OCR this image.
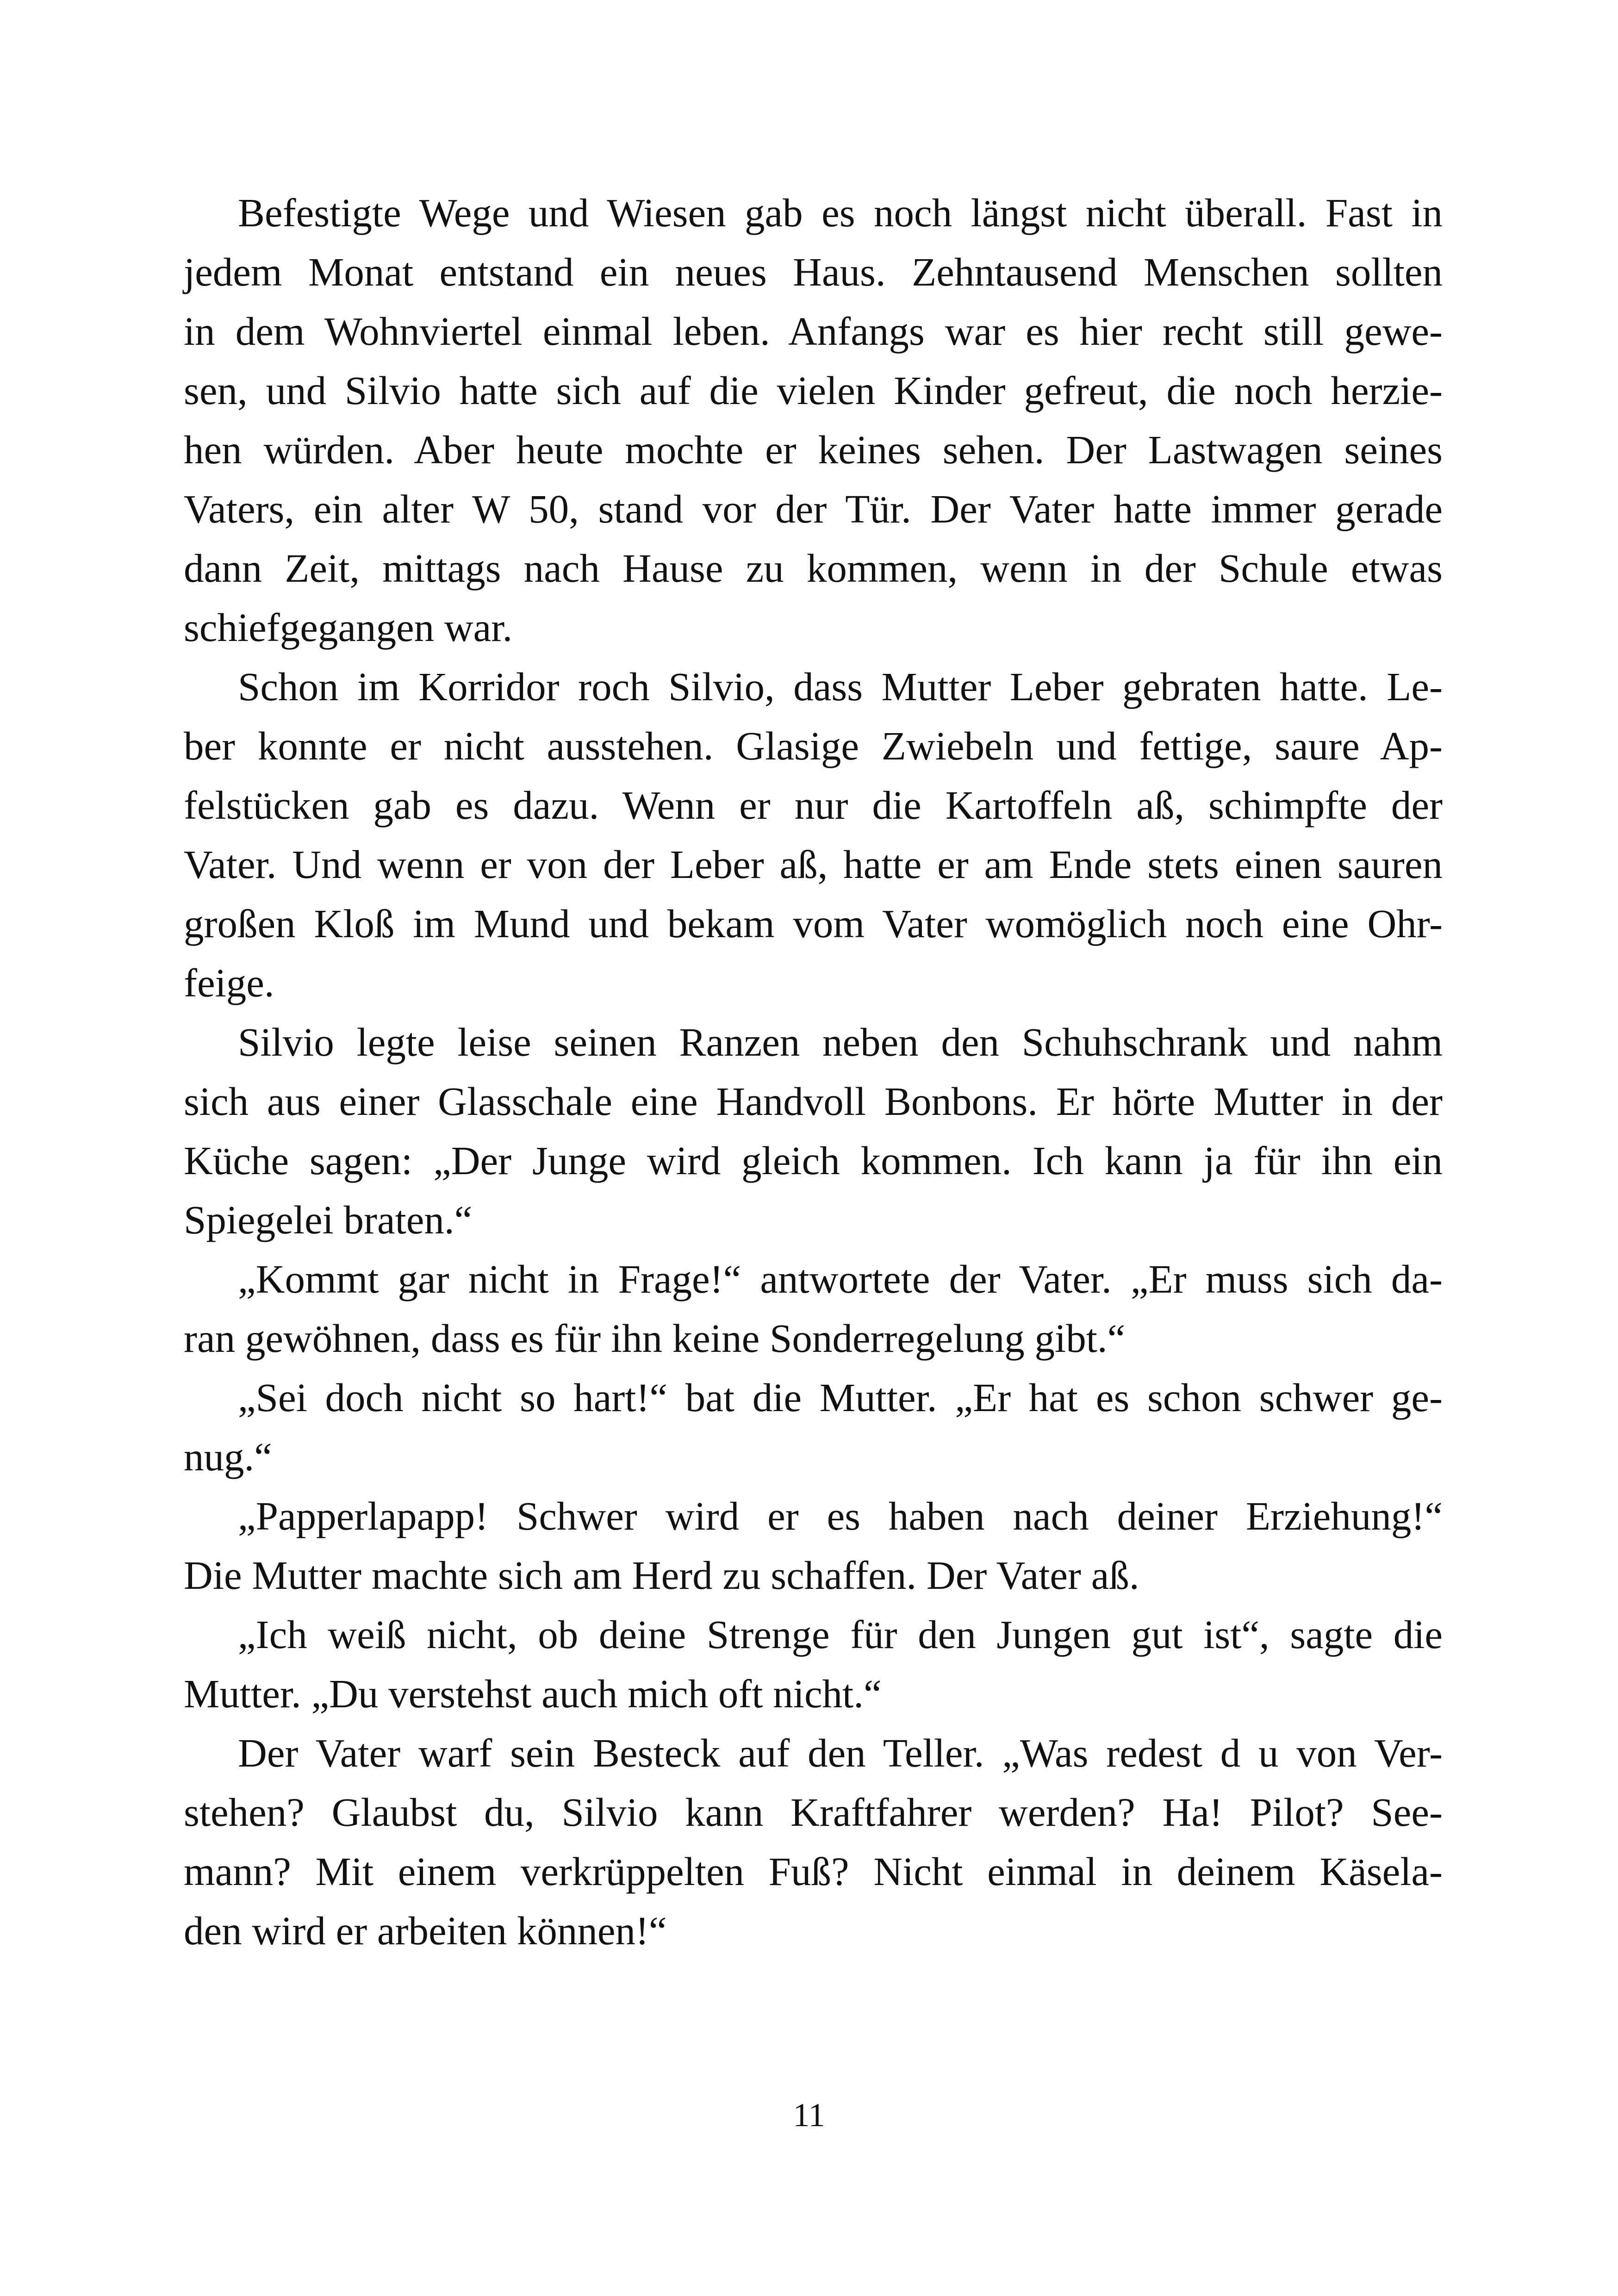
Befestigte Wege und Wiesen gab es noch längst nicht überall. Fast in
jedem Monat entstand ein neues Haus. Zehntausend Menschen sollten
in dem Wohnviertel einmal leben. Anfangs war es hier recht still gewe-
sen, und Silvio hatte sich auf die vielen Kinder gefreut, die noch herzie-
hen würden. Aber heute mochte er keines sehen. Der Lastwagen seines
Vaters, ein alter W 50, stand vor der Tür. Der Vater hatte immer gerade
dann Zeit, mittags nach Hause zu kommen, wenn in der Schule etwas
schiefgegangen war.
Schon im Korridor roch Silvio, dass Mutter Leber gebraten hatte. Le-
ber konnte er nicht ausstehen. Glasige Zwiebeln und fettige, saure Ap-
felstücken gab es dazu. Wenn er nur die Kartoffeln aß, schimpfte der
Vater. Und wenn er von der Leber aß, hatte er am Ende stets einen sauren
großen Kloß im Mund und bekam vom Vater womöglich noch eine Ohr-
feige.
Silvio legte leise seinen Ranzen neben den Schuhschrank und nahm
sich aus einer Glasschale eine Handvoll Bonbons. Er hörte Mutter in der
Küche sagen: „Der Junge wird gleich kommen. Ich kann ja für ihn ein
Spiegelei braten.“
„Kommt gar nicht in Frage!“ antwortete der Vater. „Er muss sich da-
ran gewöhnen, dass es für ihn keine Sonderregelung gibt.“
„Sei doch nicht so hart!“ bat die Mutter. „Er hat es schon schwer ge-
nug.“
„Papperlapapp! Schwer wird er es haben nach deiner Erziehung!“
Die Mutter machte sich am Herd zu schaffen. Der Vater aß.
„Ich weiß nicht, ob deine Strenge für den Jungen gut ist“, sagte die
Mutter. „Du verstehst auch mich oft nicht.“
Der Vater warf sein Besteck auf den Teller. „Was redest d u von Ver-
stehen? Glaubst du, Silvio kann Kraftfahrer werden? Ha! Pilot? See-
mann? Mit einem verkrüppelten Fuß? Nicht einmal in deinem Käsela-
den wird er arbeiten können!“
11
